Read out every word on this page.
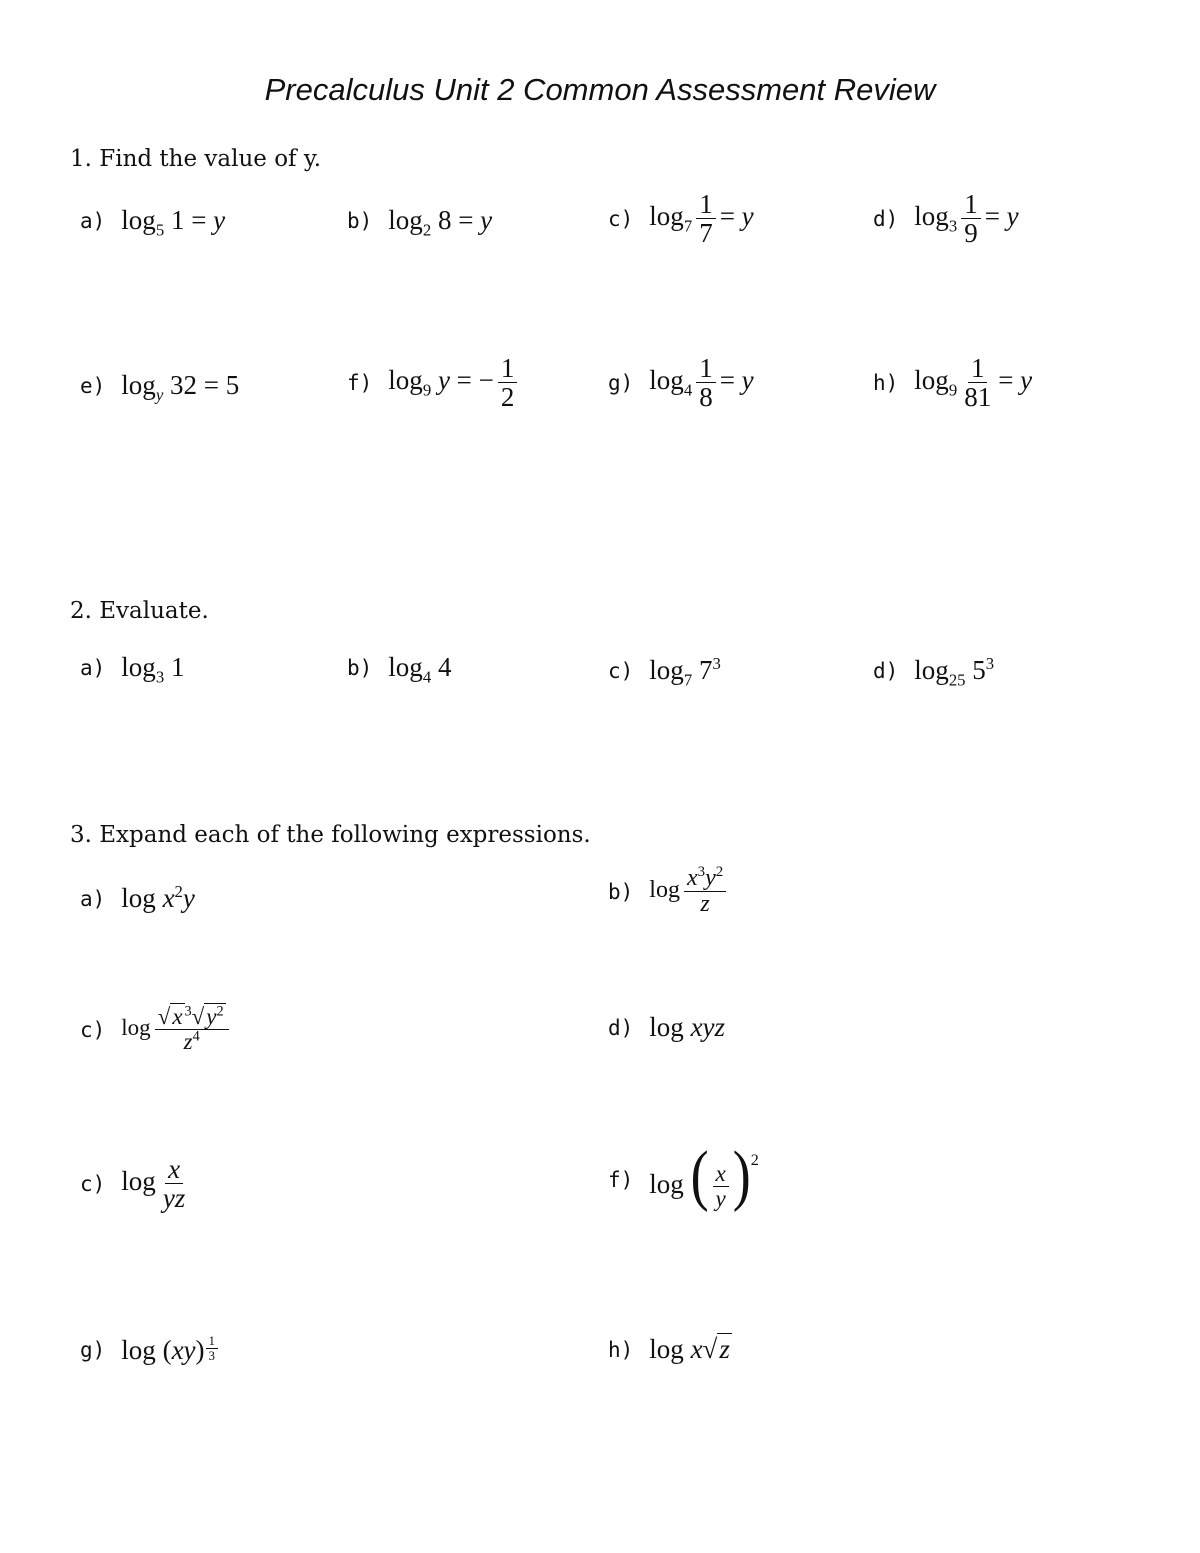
Precalculus Unit 2 Common Assessment Review
1. Find the value of y.
a) $\log_5 1 = y$	b) $\log_2 8 = y$	c) $\log_7 \frac{1}{7} = y$	d) $\log_3 \frac{1}{9} = y$
e) $\log_y 32 = 5$	f) $\log_9 y$ = − $\frac{1}{2}$	g) $\log_4 \frac{1}{8} = y$	h) $\log_9 \frac{1}{81} = y$
2. Evaluate.
a) $\log_3 1$	b) $\log_4 4$	c) $\log_7 7^3$	d) $\log_{25} 5^3$
3. Expand each of the following expressions.
a) $\log x^2y$	b) $\log \frac{x^3y^2}{z}$
c) $\log \frac{√x ^3√y^2}{z^4}$	d) log xyz
c) $\log \frac{x}{yz}$	f) log ( $\frac{x}{y} )^2$
g) $\log (xy) \frac{1}{3}$	h) log x√z
